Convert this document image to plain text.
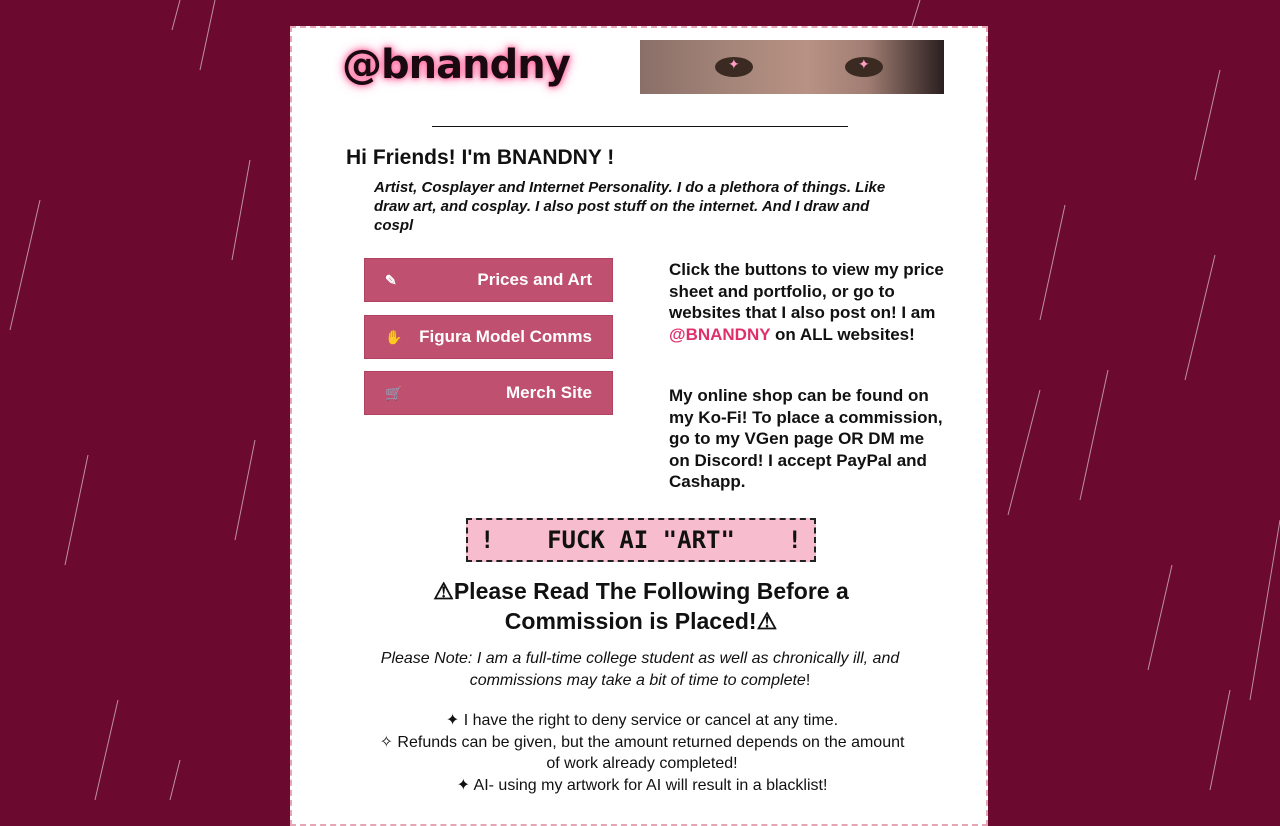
@bnandny	✦	✦
Hi Friends! I'm BNANDNY !

Artist, Cosplayer and Internet Personality. I do a plethora of things. Like draw art, and cosplay. I also post stuff on the internet. And I draw and cospl

✎	Prices and Art
✋ Figura Model Comms
🛒	Merch Site

Click the buttons to view my price sheet and portfolio, or go to websites that I also post on! I am @BNANDNY on ALL websites!

My online shop can be found on my Ko-Fi! To place a commission, go to my VGen page OR DM me on Discord! I accept PayPal and Cashapp.

! FUCK AI "ART" !
⚠Please Read The Following Before a
Commission is Placed!⚠

Please Note: I am a full-time college student as well as chronically ill, and commissions may take a bit of time to complete!

✦ I have the right to deny service or cancel at any time.
✧ Refunds can be given, but the amount returned depends on the amount of work already completed!
✦ AI- using my artwork for AI will result in a blacklist!
